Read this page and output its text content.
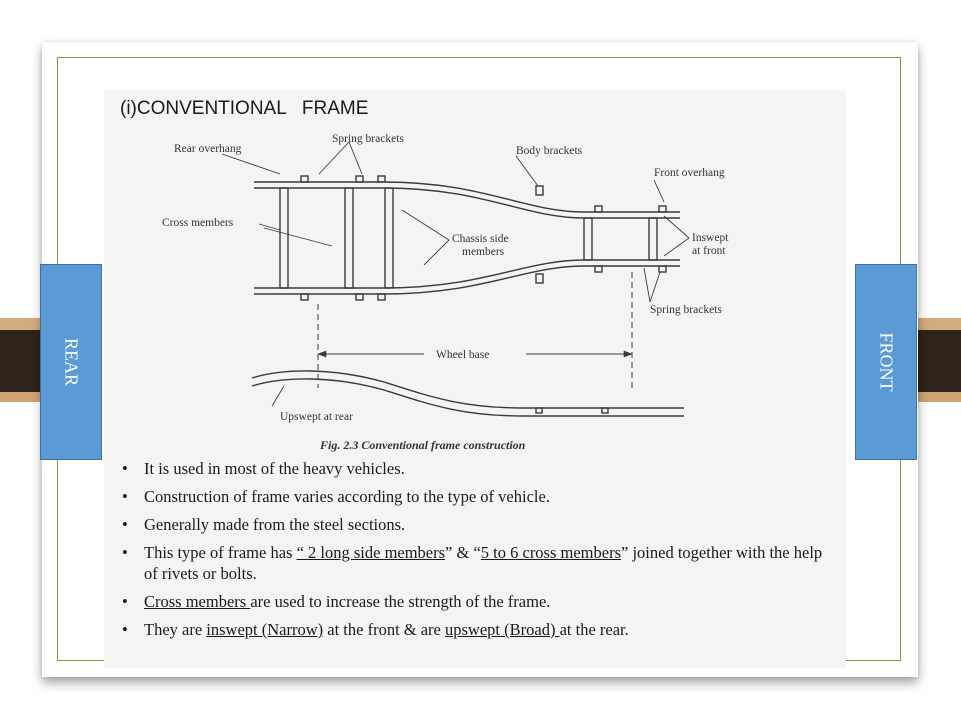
(i)CONVENTIONAL   FRAME
Rear overhang
Spring brackets
Body brackets
Front overhang
Cross members
Chassis side
members
Inswept
at front
Spring brackets
Wheel base
Upswept at rear
Fig. 2.3 Conventional frame construction
• It is used in most of the heavy vehicles.
• Construction of frame varies according to the type of vehicle.
• Generally made from the steel sections.
• This type of frame has “ 2 long side members” & “5 to 6 cross members” joined together with the help of rivets or bolts.
• Cross members are used to increase the strength of the frame.
• They are inswept (Narrow) at the front & are upswept (Broad) at the rear.
REAR	FRONT
